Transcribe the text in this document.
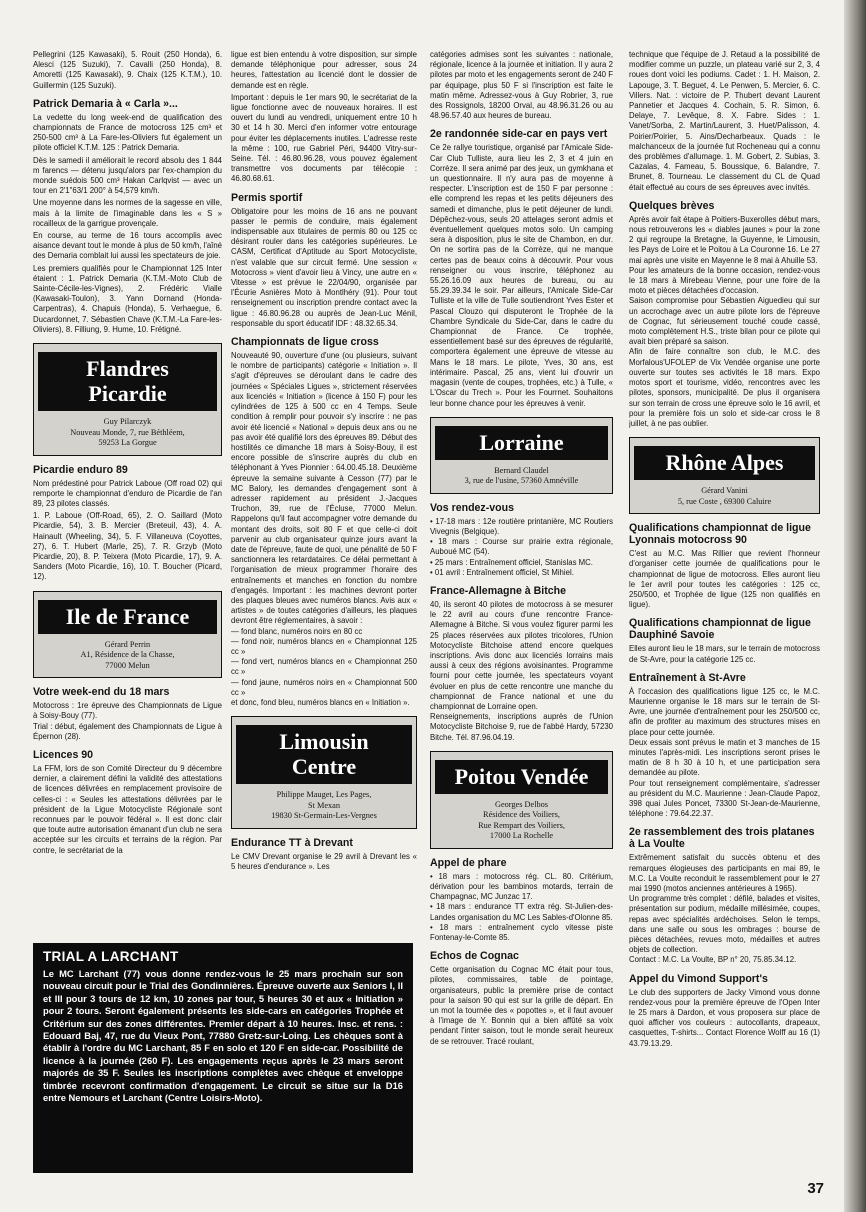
Pellegrini (125 Kawasaki), 5. Rouit (250 Honda), 6. Alesci (125 Suzuki), 7. Cavalli (250 Honda), 8. Amoretti (125 Kawasaki), 9. Chaix (125 K.T.M.), 10. Guillermin (125 Suzuki).

Patrick Demaria à « Carla »...

La vedette du long week-end de qualification des championnats de France de motocross 125 cm³ et 250-500 cm³ à La Fare-les-Oliviers fut également un pilote officiel K.T.M. 125 : Patrick Demaria.

Dès le samedi il améliorait le record absolu des 1 844 m farencs — détenu jusqu'alors par l'ex-champion du monde suédois 500 cm³ Hakan Carlqvist — avec un tour en 2'1"63/1 200° à 54,579 km/h.

Une moyenne dans les normes de la sagesse en ville, mais à la limite de l'imaginable dans les « S » rocailleux de la garrigue provençale.

En course, au terme de 16 tours accomplis avec aisance devant tout le monde à plus de 50 km/h, l'aîné des Demaria comblait lui aussi les spectateurs de joie.

Les premiers qualifiés pour le Championnat 125 Inter étaient : 1. Patrick Demaria (K.T.M.-Moto Club de Sainte-Cécile-les-Vignes), 2. Frédéric Vialle (Kawasaki-Toulon), 3. Yann Dornand (Honda-Carpentras), 4. Chapuis (Honda), 5. Verhaegue, 6. Ducardonnet, 7. Sébastien Chave (K.T.M.-La Fare-les-Oliviers), 8. Filliung, 9. Hume, 10. Frétigné.

Flandres
Picardie
Guy Pilarczyk
Nouveau Monde, 7, rue Béthléem,
59253 La Gorgue
Picardie enduro 89

Nom prédestiné pour Patrick Laboue (Off road 02) qui remporte le championnat d'enduro de Picardie de l'an 89, 23 pilotes classés.

1. P. Laboue (Off-Road, 65), 2. O. Saillard (Moto Picardie, 54), 3. B. Mercier (Breteuil, 43), 4. A. Hainault (Wheeling, 34), 5. F. Villaneuva (Coyottes, 27), 6. T. Hubert (Marle, 25), 7. R. Grzyb (Moto Picardie, 20), 8. P. Teixera (Moto Picardie, 17), 9. A. Sanders (Moto Picardie, 16), 10. T. Boucher (Picard, 12).

Ile de France
Gérard Perrin
A1, Résidence de la Chasse,
77000 Melun
Votre week-end du 18 mars

Motocross : 1re épreuve des Championnats de Ligue à Soisy-Bouy (77).
Trial : début, également des Championnats de Ligue à Épernon (28).

Licences 90

La FFM, lors de son Comité Directeur du 9 décembre dernier, a clairement défini la validité des attestations de licences délivrées en remplacement provisoire de celles-ci : « Seules les attestations délivrées par le président de la Ligue Motocycliste Régionale sont reconnues par le pouvoir fédéral ». Il est donc clair que toute autre autorisation émanant d'un club ne sera acceptée sur les circuits et terrains de la région. Par contre, le secrétariat de la

ligue est bien entendu à votre disposition, sur simple demande téléphonique pour adresser, sous 24 heures, l'attestation au licencié dont le dossier de demande est en règle.

Important : depuis le 1er mars 90, le secrétariat de la ligue fonctionne avec de nouveaux horaires. Il est ouvert du lundi au vendredi, uniquement entre 10 h 30 et 14 h 30. Merci d'en informer votre entourage pour éviter les déplacements inutiles. L'adresse reste la même : 100, rue Gabriel Péri, 94400 Vitry-sur-Seine. Tél. : 46.80.96.28, vous pouvez également transmettre vos documents par télécopie : 46.80.68.61.

Permis sportif

Obligatoire pour les moins de 16 ans ne pouvant passer le permis de conduire, mais également indispensable aux titulaires de permis 80 ou 125 cc désirant rouler dans les catégories supérieures. Le CASM, Certificat d'Aptitude au Sport Motocycliste, n'est valable que sur circuit fermé. Une session « Motocross » vient d'avoir lieu à Vincy, une autre en « Vitesse » est prévue le 22/04/90, organisée par l'Écurie Asnières Moto à Montlhéry (91). Pour tout renseignement ou inscription prendre contact avec la ligue : 46.80.96.28 ou auprès de Jean-Luc Ménil, responsable du sport éducatif IDF : 48.32.65.34.

Championnats de ligue cross

Nouveauté 90, ouverture d'une (ou plusieurs, suivant le nombre de participants) catégorie « Initiation ». Il s'agit d'épreuves se déroulant dans le cadre des journées « Spéciales Ligues », strictement réservées aux licenciés « Initiation » (licence à 150 F) pour les cylindrées de 125 à 500 cc en 4 Temps. Seule condition à remplir pour pouvoir s'y inscrire : ne pas avoir été licencié « National » depuis deux ans ou ne pas avoir été qualifié lors des épreuves 89. Début des hostilités ce dimanche 18 mars à Soisy-Bouy, il est encore possible de s'inscrire auprès du club en téléphonant à Yves Pionnier : 64.00.45.18. Deuxième épreuve la semaine suivante à Cesson (77) par le MC Balory, les demandes d'engagement sont à adresser rapidement au président J.-Jacques Truchon, 39, rue de l'Écluse, 77000 Melun. Rappelons qu'il faut accompagner votre demande du montant des droits, soit 80 F et que celle-ci doit parvenir au club organisateur quinze jours avant la date de l'épreuve, faute de quoi, une pénalité de 50 F sanctionnera les retardataires. Ce délai permettant à l'organisation de mieux programmer l'horaire des entraînements et manches en fonction du nombre d'engagés. Important : les machines devront porter des plaques bleues avec numéros blancs. Avis aux « artistes » de toutes catégories d'ailleurs, les plaques devront être réglementaires, à savoir :
— fond blanc, numéros noirs en 80 cc
— fond noir, numéros blancs en « Championnat 125 cc »
— fond vert, numéros blancs en « Championnat 250 cc »
— fond jaune, numéros noirs en « Championnat 500 cc »
et donc, fond bleu, numéros blancs en « Initiation ».

Limousin
Centre
Philippe Mauget, Les Pages,
St Mexan
19830 St-Germain-Les-Vergnes
Endurance TT à Drevant

Le CMV Drevant organise le 29 avril à Drevant les « 5 heures d'endurance ». Les

catégories admises sont les suivantes : nationale, régionale, licence à la journée et initiation. Il y aura 2 pilotes par moto et les engagements seront de 240 F par équipage, plus 50 F si l'inscription est faite le matin même. Adressez-vous à Guy Robrier, 3, rue des Rossignols, 18200 Orval, au 48.96.31.26 ou au 48.96.57.40 aux heures de bureau.

2e randonnée side-car en pays vert

Ce 2e rallye touristique, organisé par l'Amicale Side-Car Club Tulliste, aura lieu les 2, 3 et 4 juin en Corrèze. Il sera animé par des jeux, un gymkhana et un questionnaire. Il n'y aura pas de moyenne à respecter. L'inscription est de 150 F par personne : elle comprend les repas et les petits déjeuners des samedi et dimanche, plus le petit déjeuner de lundi. Dépêchez-vous, seuls 20 attelages seront admis et éventuellement quelques motos solo. Un camping sera à disposition, plus le site de Chambon, en dur. On ne sortira pas de la Corrèze, qui ne manque certes pas de beaux coins à découvrir. Pour vous renseigner ou vous inscrire, téléphonez au 55.26.16.09 aux heures de bureau, ou au 55.29.39.34 le soir. Par ailleurs, l'Amicale Side-Car Tulliste et la ville de Tulle soutiendront Yves Ester et Pascal Clouzo qui disputeront le Trophée de la Chambre Syndicale du Side-Car, dans le cadre du Championnat de France. Ce trophée, essentiellement basé sur des épreuves de régularité, comportera également une épreuve de vitesse au Mans le 18 mars. Le pilote, Yves, 30 ans, est intérimaire. Pascal, 25 ans, vient lui d'ouvrir un magasin (vente de coupes, trophées, etc.) à Tulle, « L'Oscar du Trech ». Pour les Fourrnet. Souhaitons leur bonne chance pour les épreuves à venir.

Lorraine
Bernard Claudel
3, rue de l'usine, 57360 Amnéville
Vos rendez-vous

• 17-18 mars : 12e routière printanière, MC Routiers Vivegnis (Belgique).
• 18 mars : Course sur prairie extra régionale, Auboué MC (54).
• 25 mars : Entraînement officiel, Stanislas MC.
• 01 avril : Entraînement officiel, St Mihiel.

France-Allemagne à Bitche

40, ils seront 40 pilotes de motocross à se mesurer le 22 avril au cours d'une rencontre France-Allemagne à Bitche. Si vous voulez figurer parmi les 25 places réservées aux pilotes tricolores, l'Union Motocycliste Bitchoise attend encore quelques inscriptions. Avis donc aux licenciés lorrains mais aussi à ceux des régions avoisinantes. Programme fourni pour cette journée, les spectateurs voyant évoluer en plus de cette rencontre une manche du championnat de France national et une du championnat de Lorraine open.
Renseignements, inscriptions auprès de l'Union Motocycliste Bitchoise 9, rue de l'abbé Hardy, 57230 Bitche. Tél. 87.96.04.19.

Poitou Vendée
Georges Delbos
Résidence des Voiliers,
Rue Rempart des Voiliers,
17000 La Rochelle
Appel de phare

• 18 mars : motocross rég. CL. 80. Critérium, dérivation pour les bambinos motards, terrain de Champagnac, MC Junzac 17.
• 18 mars : endurance TT extra rég. St-Julien-des-Landes organisation du MC Les Sables-d'Olonne 85.
• 18 mars : entraînement cyclo vitesse piste Fontenay-le-Comte 85.

Echos de Cognac

Cette organisation du Cognac MC était pour tous, pilotes, commissaires, table de pointage, organisateurs, public la première prise de contact pour la saison 90 qui est sur la grille de départ. En un mot la tournée des « popottes », et il faut avouer à l'image de Y. Bonnin qui a bien affûté sa voix pendant l'inter saison, tout le monde serait heureux de se retrouver. Tracé roulant,

technique que l'équipe de J. Retaud a la possibilité de modifier comme un puzzle, un plateau varié sur 2, 3, 4 roues dont voici les podiums. Cadet : 1. H. Maison, 2. Lapouge, 3. T. Beguet, 4. Le Penwen, 5. Mercier, 6. C. Villers. Nat. : victoire de P. Thubert devant Laurent Pannetier et Jacques 4. Cochain, 5. R. Simon, 6. Delaye, 7. Levêque, 8. X. Fabre. Sides : 1. Vanet/Sorba, 2. Martin/Laurent, 3. Huet/Palisson, 4. Poirier/Poirier, 5. Ains/Decharbeaux. Quads : le malchanceux de la journée fut Rocheneau qui a connu des problèmes d'allumage. 1. M. Gobert, 2. Subias, 3. Cazalas, 4. Fameau, 5. Boussique, 6. Balandre, 7. Brunet, 8. Tourneau. Le classement du CL de Quad était effectué au cours de ses épreuves avec invités.

Quelques brèves

Après avoir fait étape à Poitiers-Buxerolles début mars, nous retrouverons les « diables jaunes » pour la zone 2 qui regroupe la Bretagne, la Guyenne, le Limousin, les Pays de Loire et le Poitou à La Couronne 16. Le 27 mai après une visite en Mayenne le 8 mai à Ahuille 53.
Pour les amateurs de la bonne occasion, rendez-vous le 18 mars à Mirebeau Vienne, pour une foire de la moto et pièces détachées d'occasion.
Saison compromise pour Sébastien Aiguedieu qui sur un accrochage avec un autre pilote lors de l'épreuve de Cognac, fut sérieusement touché coude cassé, moto complètement H.S., triste bilan pour ce pilote qui avait bien préparé sa saison.
Afin de faire connaître son club, le M.C. des Morfalous'UFOLEP de Vix Vendée organise une porte ouverte sur toutes ses activités le 18 mars. Expo motos sport et tourisme, vidéo, rencontres avec les pilotes, sponsors, municipalité. De plus il organisera sur son terrain de cross une épreuve solo le 16 avril, et pour la première fois un solo et side-car cross le 8 juillet, à ne pas oublier.

Rhône Alpes
Gérard Vanini
5, rue Coste , 69300 Caluire
Qualifications championnat de ligue Lyonnais motocross 90

C'est au M.C. Mas Rillier que revient l'honneur d'organiser cette journée de qualifications pour le championnat de ligue de motocross. Elles auront lieu le 1er avril pour toutes les catégories : 125 cc, 250/500, et Trophée de ligue (125 non qualifiés en ligue).

Qualifications championnat de ligue Dauphiné Savoie

Elles auront lieu le 18 mars, sur le terrain de motocross de St-Avre, pour la catégorie 125 cc.

Entraînement à St-Avre

À l'occasion des qualifications ligue 125 cc, le M.C. Maurienne organise le 18 mars sur le terrain de St-Avre, une journée d'entraînement pour les 250/500 cc, afin de profiter au maximum des structures mises en place pour cette journée.
Deux essais sont prévus le matin et 3 manches de 15 minutes l'après-midi. Les inscriptions seront prises le matin de 8 h 30 à 10 h, et une participation sera demandée au pilote.
Pour tout renseignement complémentaire, s'adresser au président du M.C. Maurienne : Jean-Claude Papoz, 398 quai Jules Poncet, 73300 St-Jean-de-Maurienne, téléphone : 79.64.22.37.

2e rassemblement des trois platanes à La Voulte

Extrêmement satisfait du succès obtenu et des remarques élogieuses des participants en mai 89, le M.C. La Voulte reconduit le rassemblement pour le 27 mai 1990 (motos anciennes antérieures à 1965).
Un programme très complet : défilé, balades et visites, présentation sur podium, médaille millésimée, coupes, repas avec spécialités ardéchoises. Selon le temps, dans une salle ou sous les ombrages : bourse de pièces détachées, revues moto, médailles et autres objets de collection.
Contact : M.C. La Voulte, BP n° 20, 75.85.34.12.

Appel du Vimond Support's

Le club des supporters de Jacky Vimond vous donne rendez-vous pour la première épreuve de l'Open Inter le 25 mars à Dardon, et vous proposera sur place de quoi afficher vos couleurs : autocollants, drapeaux, casquettes, T-shirts... Contact Florence Wolff au 16 (1) 43.79.13.29.

TRIAL A LARCHANT

Le MC Larchant (77) vous donne rendez-vous le 25 mars prochain sur son nouveau circuit pour le Trial des Gondinnières. Épreuve ouverte aux Seniors I, II et III pour 3 tours de 12 km, 10 zones par tour, 5 heures 30 et aux « Initiation » pour 2 tours. Seront également présents les side-cars en catégories Trophée et Critérium sur des zones différentes. Premier départ à 10 heures. Insc. et rens. : Edouard Baj, 47, rue du Vieux Pont, 77880 Gretz-sur-Loing. Les chèques sont à établir à l'ordre du MC Larchant, 85 F en solo et 120 F en side-car. Possibilité de licence à la journée (260 F). Les engagements reçus après le 23 mars seront majorés de 35 F. Seules les inscriptions complètes avec chèque et enveloppe timbrée recevront confirmation d'engagement. Le circuit se situe sur la D16 entre Nemours et Larchant (Centre Loisirs-Moto).

37
